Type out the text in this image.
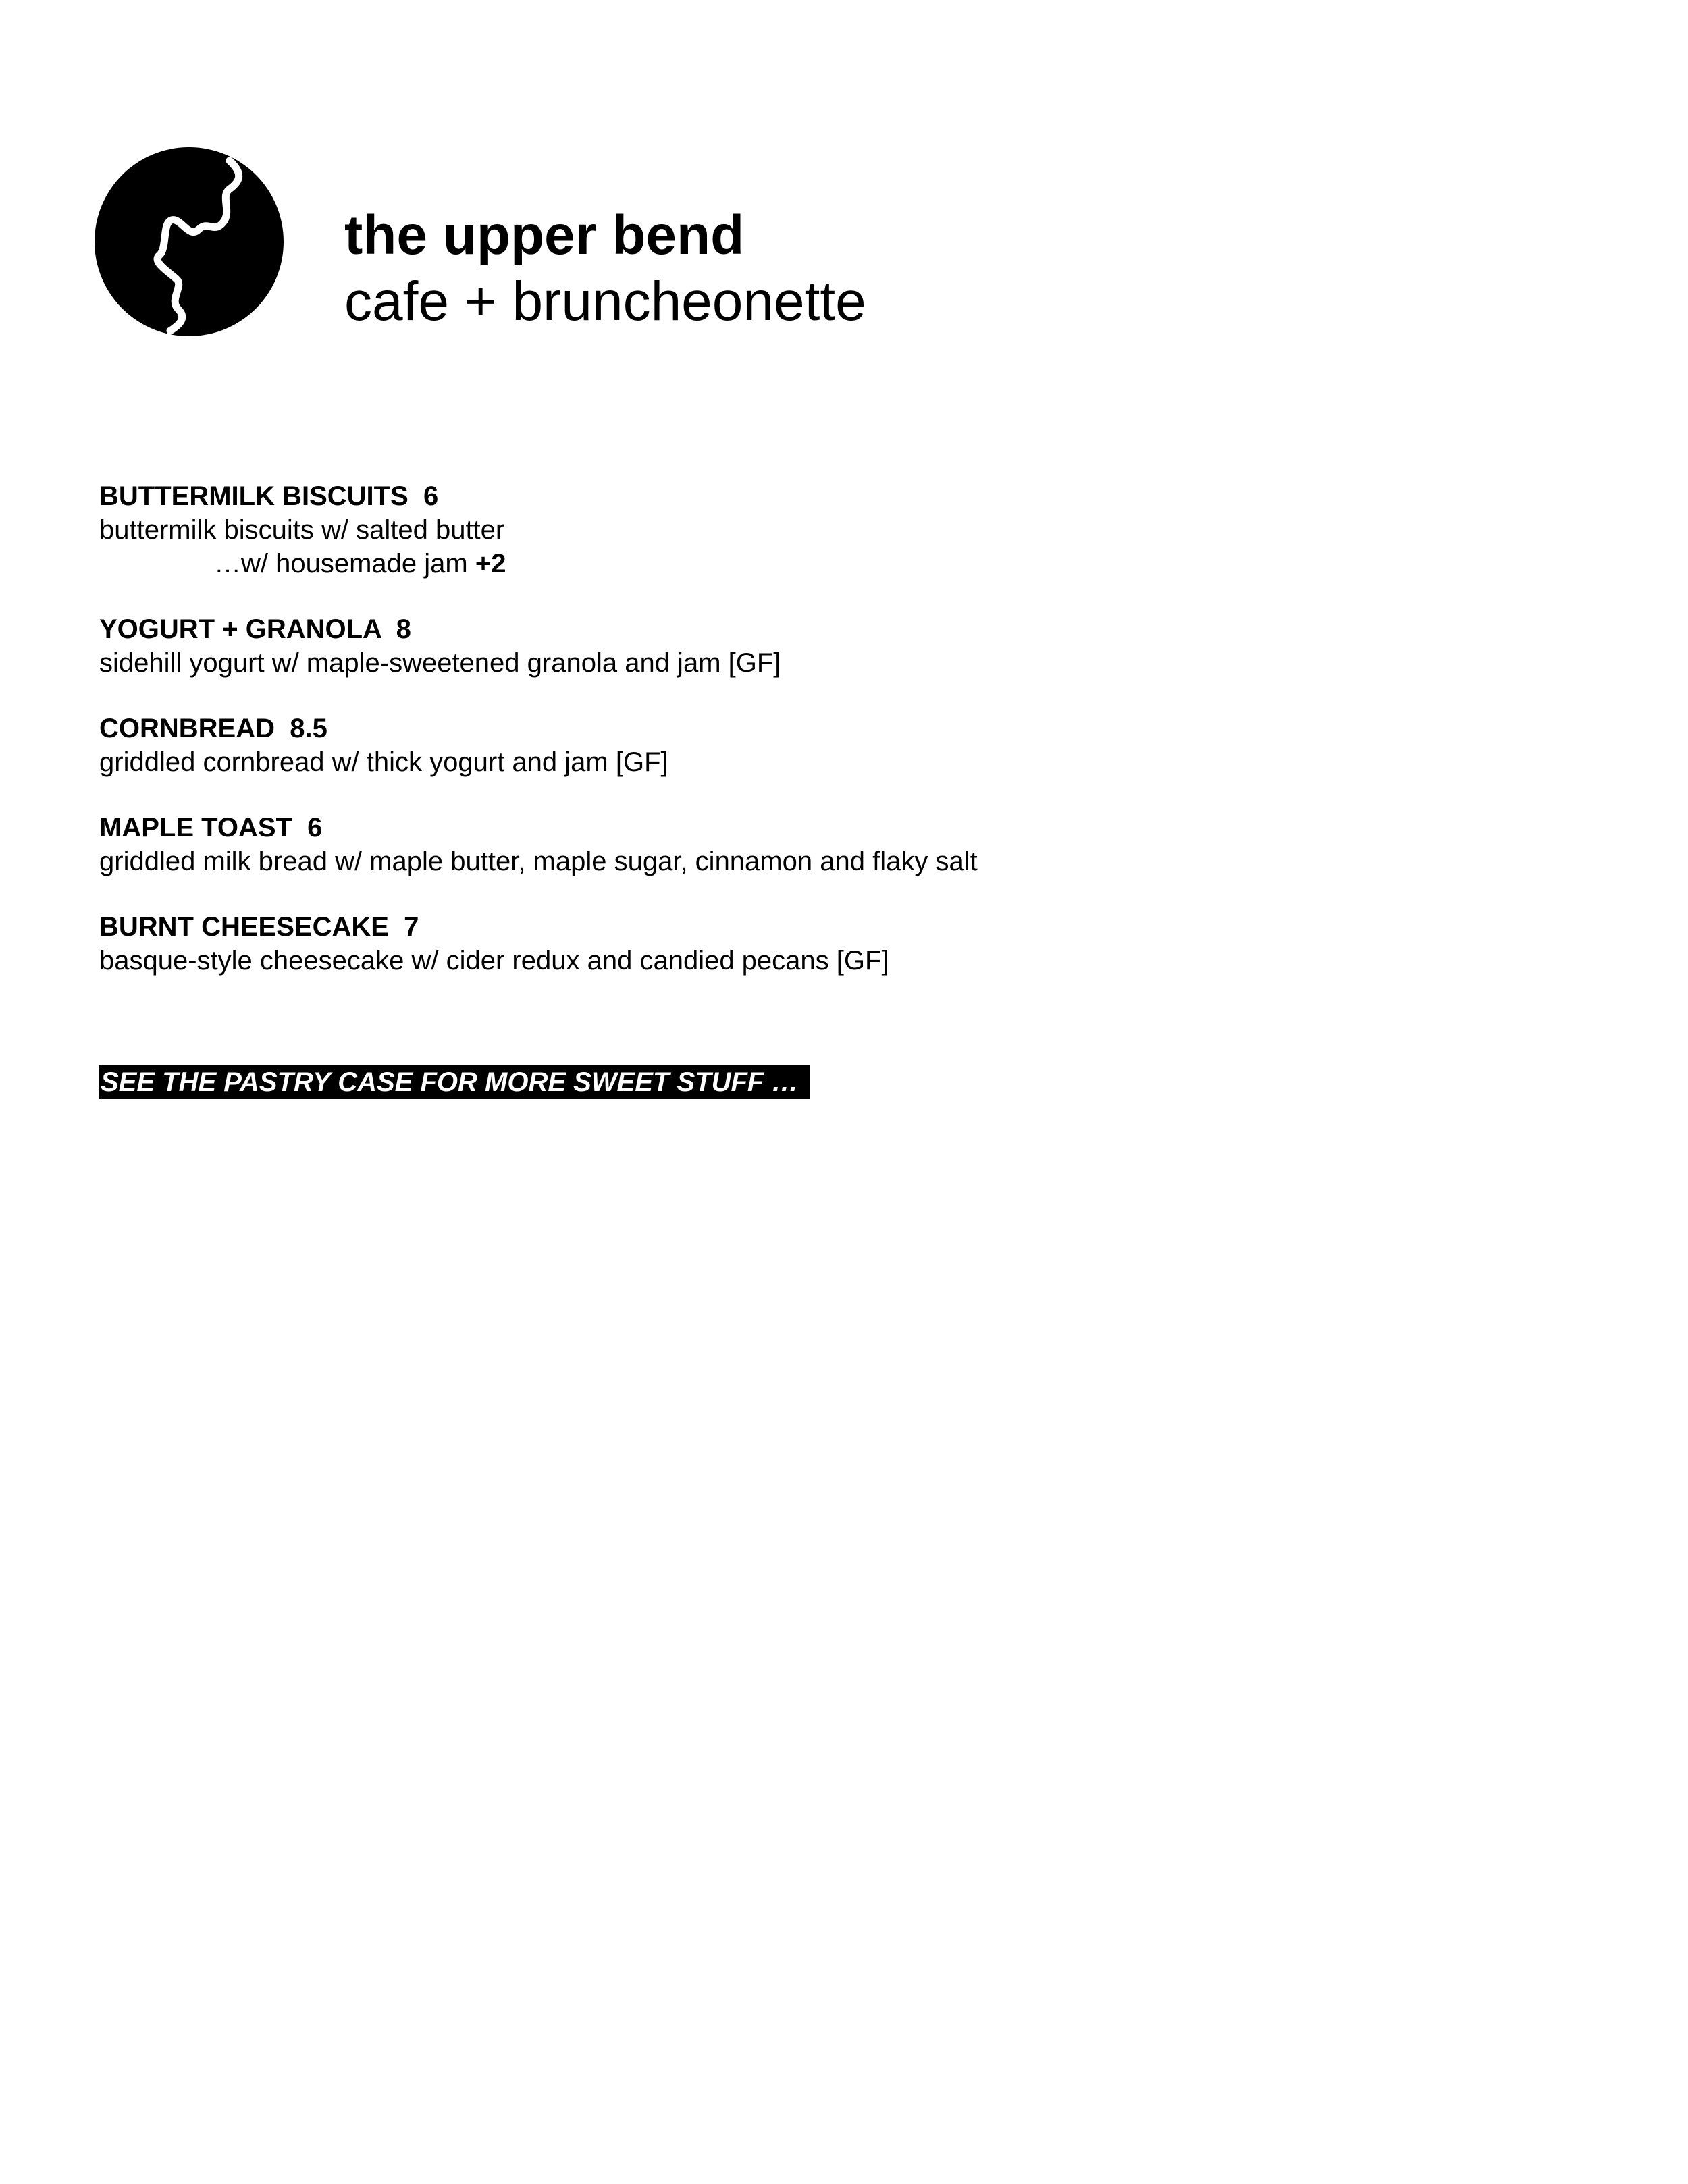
the upper bend
cafe + bruncheonette
BUTTERMILK BISCUITS  6
buttermilk biscuits w/ salted butter
…w/ housemade jam +2
YOGURT + GRANOLA  8
sidehill yogurt w/ maple-sweetened granola and jam [GF]
CORNBREAD  8.5
griddled cornbread w/ thick yogurt and jam [GF]
MAPLE TOAST  6
griddled milk bread w/ maple butter, maple sugar, cinnamon and flaky salt
BURNT CHEESECAKE  7
basque-style cheesecake w/ cider redux and candied pecans [GF]
SEE THE PASTRY CASE FOR MORE SWEET STUFF …
